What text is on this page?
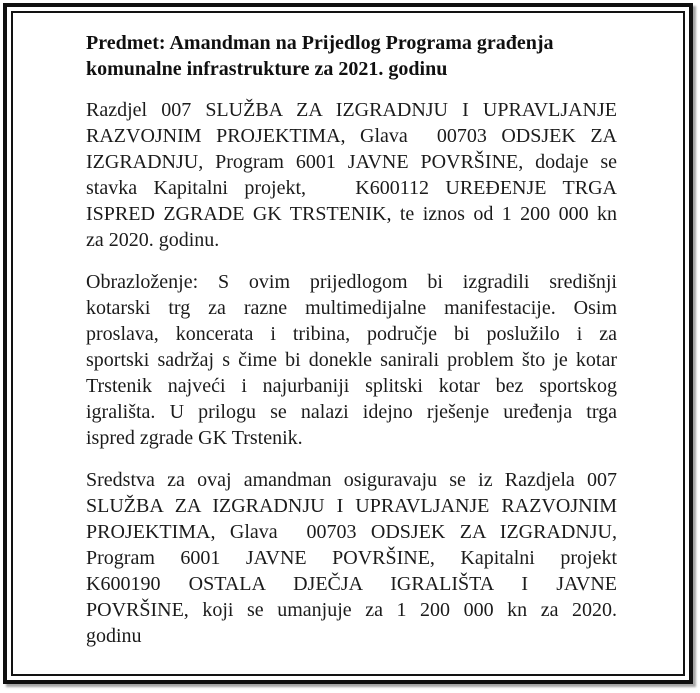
Predmet: Amandman na Prijedlog Programa građenja
komunalne infrastrukture za 2021. godinu
Razdjel 007 SLUŽBA ZA IZGRADNJU I UPRAVLJANJE
RAZVOJNIM PROJEKTIMA, Glava  00703 ODSJEK ZA
IZGRADNJU, Program 6001 JAVNE POVRŠINE, dodaje se
stavka Kapitalni projekt,   K600112 UREĐENJE TRGA
ISPRED ZGRADE GK TRSTENIK, te iznos od 1 200 000 kn
za 2020. godinu.
Obrazloženje: S ovim prijedlogom bi izgradili središnji
kotarski trg za razne multimedijalne manifestacije. Osim
proslava, koncerata i tribina, područje bi poslužilo i za
sportski sadržaj s čime bi donekle sanirali problem što je kotar
Trstenik najveći i najurbaniji splitski kotar bez sportskog
igrališta. U prilogu se nalazi idejno rješenje uređenja trga
ispred zgrade GK Trstenik.
Sredstva za ovaj amandman osiguravaju se iz Razdjela 007
SLUŽBA ZA IZGRADNJU I UPRAVLJANJE RAZVOJNIM
PROJEKTIMA, Glava  00703 ODSJEK ZA IZGRADNJU,
Program 6001 JAVNE POVRŠINE, Kapitalni projekt
K600190 OSTALA DJEČJA IGRALIŠTA I JAVNE
POVRŠINE, koji se umanjuje za 1 200 000 kn za 2020.
godinu
